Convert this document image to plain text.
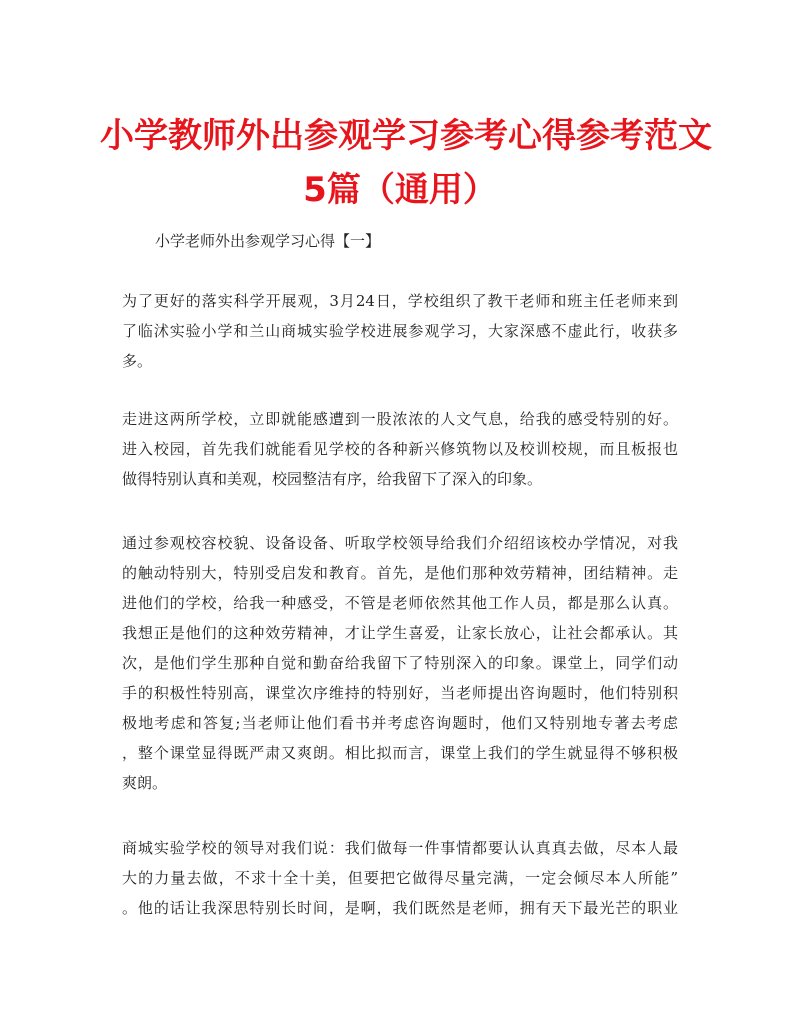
小学教师外出参观学习参考心得参考范文
5篇（通用）
小学老师外出参观学习心得【一】
为了更好的落实科学开展观，3月24日，学校组织了教干老师和班主任老师来到
了临沭实验小学和兰山商城实验学校进展参观学习，大家深感不虚此行，收获多
多。
走进这两所学校，立即就能感遭到一股浓浓的人文气息，给我的感受特别的好。
进入校园，首先我们就能看见学校的各种新兴修筑物以及校训校规，而且板报也
做得特别认真和美观，校园整洁有序，给我留下了深入的印象。
通过参观校容校貌、设备设备、听取学校领导给我们介绍绍该校办学情况，对我
的触动特别大，特别受启发和教育。首先，是他们那种效劳精神，团结精神。走
进他们的学校，给我一种感受，不管是老师依然其他工作人员，都是那么认真。
我想正是他们的这种效劳精神，才让学生喜爱，让家长放心，让社会都承认。其
次，是他们学生那种自觉和勤奋给我留下了特别深入的印象。课堂上，同学们动
手的积极性特别高，课堂次序维持的特别好，当老师提出咨询题时，他们特别积
极地考虑和答复;当老师让他们看书并考虑咨询题时，他们又特别地专著去考虑
，整个课堂显得既严肃又爽朗。相比拟而言，课堂上我们的学生就显得不够积极
爽朗。
商城实验学校的领导对我们说：我们做每一件事情都要认认真真去做，尽本人最
大的力量去做，不求十全十美，但要把它做得尽量完满，一定会倾尽本人所能”
。他的话让我深思特别长时间，是啊，我们既然是老师，拥有天下最光芒的职业
